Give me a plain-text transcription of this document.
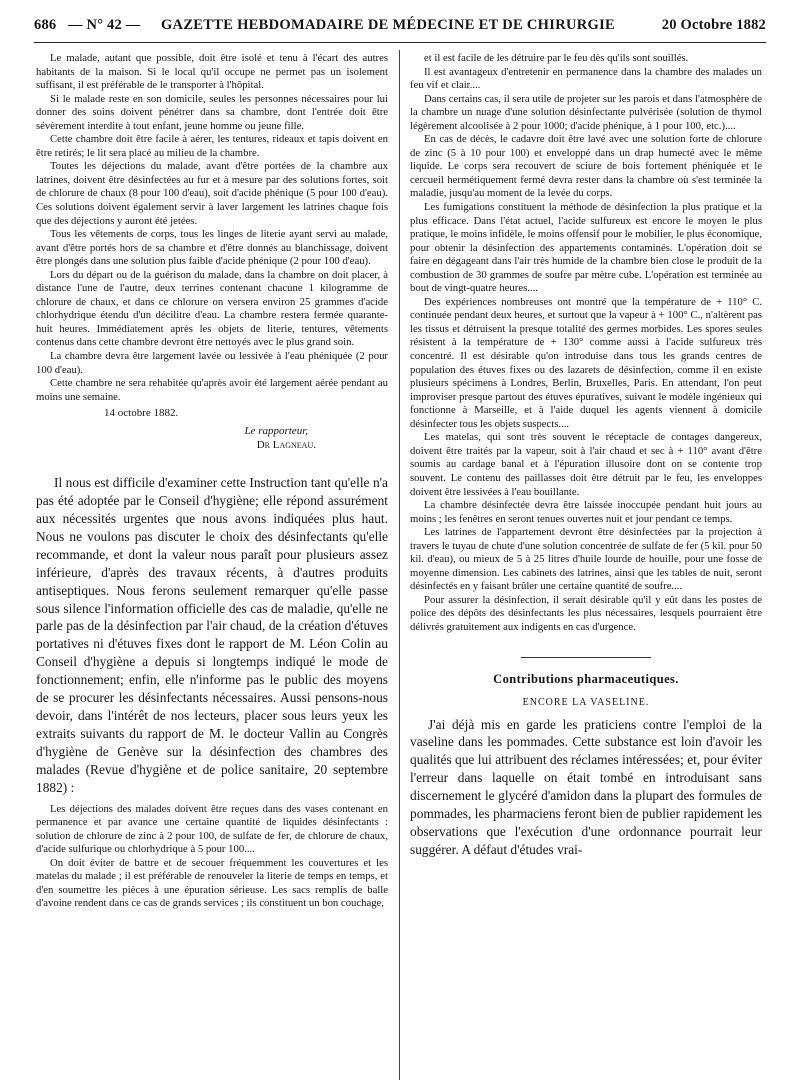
686 — N° 42 —	GAZETTE HEBDOMADAIRE DE MÉDECINE ET DE CHIRURGIE	20 Octobre 1882

Le malade, autant que possible, doit être isolé et tenu à l'écart des autres habitants de la maison. Si le local qu'il occupe ne permet pas un isolement suffisant, il est préférable de le transporter à l'hôpital.

Si le malade reste en son domicile, seules les personnes nécessaires pour lui donner des soins doivent pénétrer dans sa chambre, dont l'entrée doit être sévèrement interdite à tout enfant, jeune homme ou jeune fille.

Cette chambre doit être facile à aérer, les tentures, rideaux et tapis doivent en être retirés; le lit sera placé au milieu de la chambre.

Toutes les déjections du malade, avant d'être portées de la chambre aux latrines, doivent être désinfectées au fur et à mesure par des solutions fortes, soit de chlorure de chaux (8 pour 100 d'eau), soit d'acide phénique (5 pour 100 d'eau). Ces solutions doivent également servir à laver largement les latrines chaque fois que des déjections y auront été jetées.

Tous les vêtements de corps, tous les linges de literie ayant servi au malade, avant d'être portés hors de sa chambre et d'être donnés au blanchissage, doivent être plongés dans une solution plus faible d'acide phénique (2 pour 100 d'eau).

Lors du départ ou de la guérison du malade, dans la chambre on doit placer, à distance l'une de l'autre, deux terrines contenant chacune 1 kilogramme de chlorure de chaux, et dans ce chlorure on versera environ 25 grammes d'acide chlorhydrique étendu d'un décilitre d'eau. La chambre restera fermée quarante-huit heures. Immédiatement après les objets de literie, tentures, vêtements contenus dans cette chambre devront être nettoyés avec le plus grand soin.

La chambre devra être largement lavée ou lessivée à l'eau phéniquée (2 pour 100 d'eau).

Cette chambre ne sera rehabitée qu'après avoir été largement aérée pendant au moins une semaine.

14 octobre 1882.
Le rapporteur,
Dr Lagneau.

Il nous est difficile d'examiner cette Instruction tant qu'elle n'a pas été adoptée par le Conseil d'hygiène; elle répond assurément aux nécessités urgentes que nous avons indiquées plus haut. Nous ne voulons pas discuter le choix des désinfectants qu'elle recommande, et dont la valeur nous paraît pour plusieurs assez inférieure, d'après des travaux récents, à d'autres produits antiseptiques. Nous ferons seulement remarquer qu'elle passe sous silence l'information officielle des cas de maladie, qu'elle ne parle pas de la désinfection par l'air chaud, de la création d'étuves portatives ni d'étuves fixes dont le rapport de M. Léon Colin au Conseil d'hygiène a depuis si longtemps indiqué le mode de fonctionnement; enfin, elle n'informe pas le public des moyens de se procurer les désinfectants nécessaires. Aussi pensons-nous devoir, dans l'intérêt de nos lecteurs, placer sous leurs yeux les extraits suivants du rapport de M. le docteur Vallin au Congrès d'hygiène de Genève sur la désinfection des chambres des malades (Revue d'hygiène et de police sanitaire, 20 septembre 1882) :

Les déjections des malades doivent être reçues dans des vases contenant en permanence et par avance une certaine quantité de liquides désinfectants : solution de chlorure de zinc à 2 pour 100, de sulfate de fer, de chlorure de chaux, d'acide sulfurique ou chlorhydrique à 5 pour 100....

On doit éviter de battre et de secouer fréquemment les couvertures et les matelas du malade ; il est préférable de renouveler la literie de temps en temps, et d'en soumettre les pièces à une épuration sérieuse. Les sacs remplis de balle d'avoine rendent dans ce cas de grands services ; ils constituent un bon couchage,

et il est facile de les détruire par le feu dès qu'ils sont souillés.

Il est avantageux d'entretenir en permanence dans la chambre des malades un feu vif et clair....

Dans certains cas, il sera utile de projeter sur les parois et dans l'atmosphère de la chambre un nuage d'une solution désinfectante pulvérisée (solution de thymol légèrement alcoolisée à 2 pour 1000; d'acide phénique, à 1 pour 100, etc.)....

En cas de décès, le cadavre doit être lavé avec une solution forte de chlorure de zinc (5 à 10 pour 100) et enveloppé dans un drap humecté avec le même liquide. Le corps sera recouvert de sciure de bois fortement phéniquée et le cercueil hermétiquement fermé devra rester dans la chambre où s'est terminée la maladie, jusqu'au moment de la levée du corps.

Les fumigations constituent la méthode de désinfection la plus pratique et la plus efficace. Dans l'état actuel, l'acide sulfureux est encore le moyen le plus pratique, le moins infidèle, le moins offensif pour le mobilier, le plus économique, pour obtenir la désinfection des appartements contaminés. L'opération doit se faire en dégageant dans l'air très humide de la chambre bien close le produit de la combustion de 30 grammes de soufre par mètre cube. L'opération est terminée au bout de vingt-quatre heures....

Des expériences nombreuses ont montré que la température de + 110° C. continuée pendant deux heures, et surtout que la vapeur à + 100° C., n'altèrent pas les tissus et détruisent la presque totalité des germes morbides. Les spores seules résistent à la température de + 130° comme aussi à l'acide sulfureux très concentré. Il est désirable qu'on introduise dans tous les grands centres de population des étuves fixes ou des lazarets de désinfection, comme il en existe plusieurs spécimens à Londres, Berlin, Bruxelles, Paris. En attendant, l'on peut improviser presque partout des étuves épuratives, suivant le modèle ingénieux qui fonctionne à Marseille, et à l'aide duquel les agents viennent à domicile désinfecter tous les objets suspects....

Les matelas, qui sont très souvent le réceptacle de contages dangereux, doivent être traités par la vapeur, soit à l'air chaud et sec à + 110° avant d'être soumis au cardage banal et à l'épuration illusoire dont on se contente trop souvent. Le contenu des paillasses doit être détruit par le feu, les enveloppes doivent être lessivées à l'eau bouillante.

La chambre désinfectée devra être laissée inoccupée pendant huit jours au moins ; les fenêtres en seront tenues ouvertes nuit et jour pendant ce temps.

Les latrines de l'appartement devront être désinfectées par la projection à travers le tuyau de chute d'une solution concentrée de sulfate de fer (5 kil. pour 50 kil. d'eau), ou mieux de 5 à 25 litres d'huile lourde de houille, pour une fosse de moyenne dimension. Les cabinets des latrines, ainsi que les tables de nuit, seront désinfectés en y faisant brûler une certaine quantité de soufre....

Pour assurer la désinfection, il serait désirable qu'il y eût dans les postes de police des dépôts des désinfectants les plus nécessaires, lesquels pourraient être délivrés gratuitement aux indigents en cas d'urgence.

Contributions pharmaceutiques.
ENCORE LA VASELINE.

J'ai déjà mis en garde les praticiens contre l'emploi de la vaseline dans les pommades. Cette substance est loin d'avoir les qualités que lui attribuent des réclames intéressées; et, pour éviter l'erreur dans laquelle on était tombé en introduisant sans discernement le glycéré d'amidon dans la plupart des formules de pommades, les pharmaciens feront bien de publier rapidement les observations que l'exécution d'une ordonnance pourrait leur suggérer. A défaut d'études vrai-
